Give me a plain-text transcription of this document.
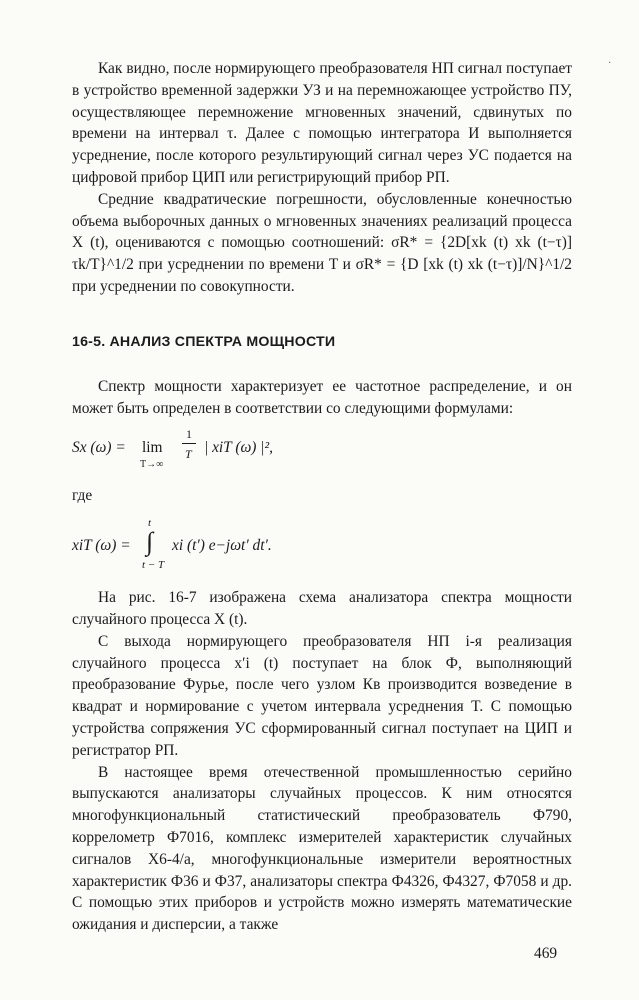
·

Как видно, после нормирующего преобразователя НП сигнал поступает в устройство временной задержки УЗ и на перемножающее устройство ПУ, осуществляющее перемножение мгновенных значений, сдвинутых по времени на интервал τ. Далее с помощью интегратора И выполняется усреднение, после которого результирующий сигнал через УС подается на цифровой прибор ЦИП или регистрирующий прибор РП.

Средние квадратические погрешности, обусловленные конечностью объема выборочных данных о мгновенных значениях реализаций процесса X (t), оцениваются с помощью соотношений: σR* = {2D[xk (t) xk (t−τ)] τk/T}^1/2 при усреднении по времени T и σR* = {D [xk (t) xk (t−τ)]/N}^1/2 при усреднении по совокупности.

16-5. АНАЛИЗ СПЕКТРА МОЩНОСТИ

Спектр мощности характеризует ее частотное распределение, и он может быть определен в соответствии со следующими формулами:

Sx (ω) = lim
T→∞
1
T | xiT (ω) |²,

где

xiT (ω) =
t
∫
t − T
xi (t′) e−jωt′ dt′.

На рис. 16-7 изображена схема анализатора спектра мощности случайного процесса X (t).

С выхода нормирующего преобразователя НП i-я реализация случайного процесса x′i (t) поступает на блок Ф, выполняющий преобразование Фурье, после чего узлом Кв производится возведение в квадрат и нормирование с учетом интервала усреднения T. С помощью устройства сопряжения УС сформированный сигнал поступает на ЦИП и регистратор РП.

В настоящее время отечественной промышленностью серийно выпускаются анализаторы случайных процессов. К ним относятся многофункциональный статистический преобразователь Ф790, коррелометр Ф7016, комплекс измерителей характеристик случайных сигналов Х6-4/а, многофункциональные измерители вероятностных характеристик Ф36 и Ф37, анализаторы спектра Ф4326, Ф4327, Ф7058 и др. С помощью этих приборов и устройств можно измерять математические ожидания и дисперсии, а также

469
